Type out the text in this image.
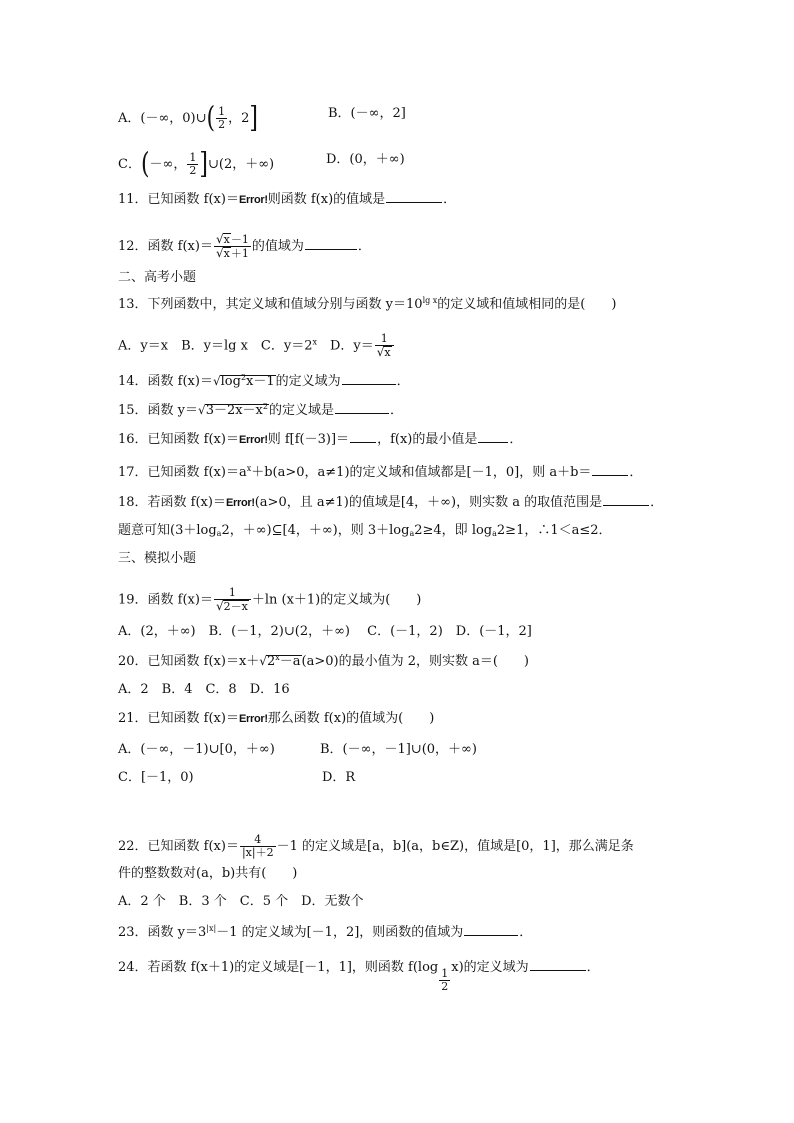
A．(－∞，0)∪( $\frac{1}{2}$ ，2]	B．(－∞，2]
C．(－∞， $\frac{1}{2}$ ]∪(2，＋∞)	D．(0，＋∞)
11．已知函数 f(x)＝Error!则函数 f(x)的值域是	．
12．函数 $f(x)= \frac{√x-1}{√x+1}$ 的值域为	．
二、高考小题
13．下列函数中，其定义域和值域分别与函数 $y=10^{lg x}$的定义域和值域相同的是(　　)
A．y＝x　B．y＝lg x　C．$y=2^x$　D．$y= \frac{1}{√x}$
14．函数 $f(x)=√\log^2x-1$的定义域为	．
15．函数 $y=√3-2x-x^2$的定义域是	．
16．已知函数 f(x)＝Error!则 f[f(－3)]＝ ，f(x)的最小值是 ．
17．已知函数 $f(x)=a^x+b(a>0$，a≠1)的定义域和值域都是[－1，0]，则 a＋b＝	．
18．若函数 f(x)＝Error!(a>0，且 a≠1)的值域是[4，＋∞)，则实数 a 的取值范围是	．
题意可知($3+\log_a2$，＋∞)⊆[4，＋∞)，则 $3+\log_a2\ge 4$，即 $\log_a2\ge 1$，∴1＜a≤2．
三、模拟小题
19．函数 $f(x)= \frac{1}{√2-x} +\ln$ (x＋1)的定义域为(　　)
A．(2，＋∞)　B．(－1，2)∪(2，＋∞)　 C．(－1，2)　D．(－1，2]
20．已知函数 $f(x)=x+√2^x-a(a>0)$的最小值为 2，则实数 a＝(　　)
A．2　B．4　C．8　D．16
21．已知函数 f(x)＝Error!那么函数 f(x)的值域为(　　)
A．(－∞，－1)∪[0，＋∞)	B．(－∞，－1]∪(0，＋∞)
C．[－1，0)	D．R
22．已知函数 $f(x)= \frac{4}{|x|+2} -1$ 的定义域是[a，b](a，b∈Z)，值域是[0，1]，那么满足条
件的整数数对(a，b)共有(　　)
A．2 个　B．3 个　C．5 个　D．无数个
23．函数 $y=3^{|x|}-1$ 的定义域为[－1，2]，则函数的值域为	．
24．若函数 f(x＋1)的定义域是[－1，1]，则函数 f(log
$\frac{1}{2}$
x)的定义域为	．
